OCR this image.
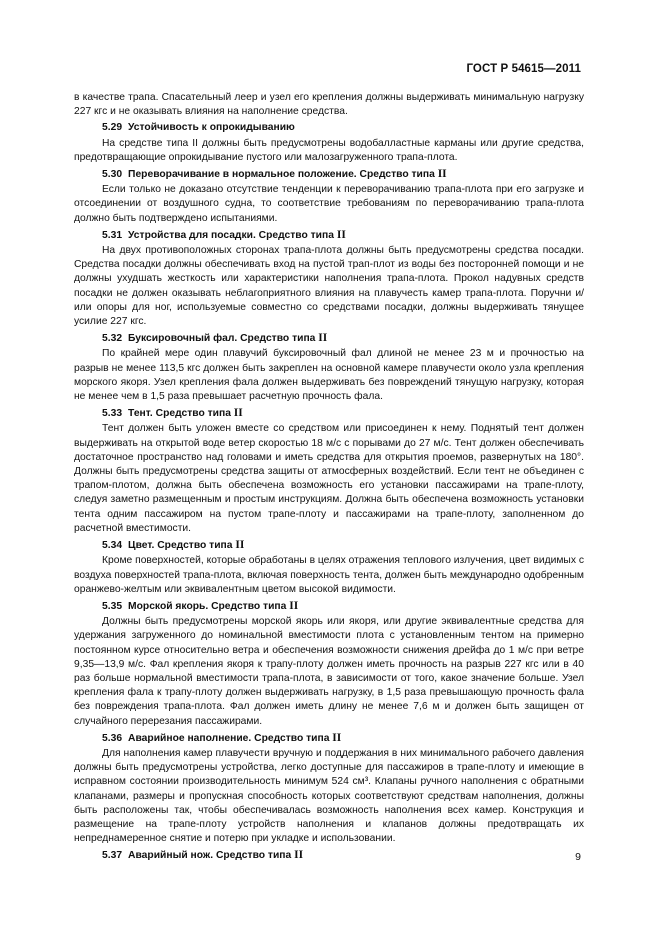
ГОСТ Р 54615—2011

в качестве трапа. Спасательный леер и узел его крепления должны выдерживать минимальную нагрузку 227 кгс и не оказывать влияния на наполнение средства.

5.29 Устойчивость к опрокидыванию

На средстве типа II должны быть предусмотрены водобалластные карманы или другие средства, предотвращающие опрокидывание пустого или малозагруженного трапа-плота.

5.30 Переворачивание в нормальное положение. Средство типа II

Если только не доказано отсутствие тенденции к переворачиванию трапа-плота при его загрузке и отсоединении от воздушного судна, то соответствие требованиям по переворачиванию трапа-плота должно быть подтверждено испытаниями.

5.31 Устройства для посадки. Средство типа II

На двух противоположных сторонах трапа-плота должны быть предусмотрены средства посадки. Средства посадки должны обеспечивать вход на пустой трап-плот из воды без посторонней помощи и не должны ухудшать жесткость или характеристики наполнения трапа-плота. Прокол надувных средств посадки не должен оказывать неблагоприятного влияния на плавучесть камер трапа-плота. Поручни и/или опоры для ног, используемые совместно со средствами посадки, должны выдерживать тянущее усилие 227 кгс.

5.32 Буксировочный фал. Средство типа II

По крайней мере один плавучий буксировочный фал длиной не менее 23 м и прочностью на разрыв не менее 113,5 кгс должен быть закреплен на основной камере плавучести около узла крепления морского якоря. Узел крепления фала должен выдерживать без повреждений тянущую нагрузку, которая не менее чем в 1,5 раза превышает расчетную прочность фала.

5.33 Тент. Средство типа II

Тент должен быть уложен вместе со средством или присоединен к нему. Поднятый тент должен выдерживать на открытой воде ветер скоростью 18 м/с с порывами до 27 м/с. Тент должен обеспечивать достаточное пространство над головами и иметь средства для открытия проемов, развернутых на 180°. Должны быть предусмотрены средства защиты от атмосферных воздействий. Если тент не объединен с трапом-плотом, должна быть обеспечена возможность его установки пассажирами на трапе-плоту, следуя заметно размещенным и простым инструкциям. Должна быть обеспечена возможность установки тента одним пассажиром на пустом трапе-плоту и пассажирами на трапе-плоту, заполненном до расчетной вместимости.

5.34 Цвет. Средство типа II

Кроме поверхностей, которые обработаны в целях отражения теплового излучения, цвет видимых с воздуха поверхностей трапа-плота, включая поверхность тента, должен быть международно одобренным оранжево-желтым или эквивалентным цветом высокой видимости.

5.35 Морской якорь. Средство типа II

Должны быть предусмотрены морской якорь или якоря, или другие эквивалентные средства для удержания загруженного до номинальной вместимости плота с установленным тентом на примерно постоянном курсе относительно ветра и обеспечения возможности снижения дрейфа до 1 м/с при ветре 9,35—13,9 м/с. Фал крепления якоря к трапу-плоту должен иметь прочность на разрыв 227 кгс или в 40 раз больше нормальной вместимости трапа-плота, в зависимости от того, какое значение больше. Узел крепления фала к трапу-плоту должен выдерживать нагрузку, в 1,5 раза превышающую прочность фала без повреждения трапа-плота. Фал должен иметь длину не менее 7,6 м и должен быть защищен от случайного перерезания пассажирами.

5.36 Аварийное наполнение. Средство типа II

Для наполнения камер плавучести вручную и поддержания в них минимального рабочего давления должны быть предусмотрены устройства, легко доступные для пассажиров в трапе-плоту и имеющие в исправном состоянии производительность минимум 524 см³. Клапаны ручного наполнения с обратными клапанами, размеры и пропускная способность которых соответствуют средствам наполнения, должны быть расположены так, чтобы обеспечивалась возможность наполнения всех камер. Конструкция и размещение на трапе-плоту устройств наполнения и клапанов должны предотвращать их непреднамеренное снятие и потерю при укладке и использовании.

5.37 Аварийный нож. Средство типа II	9
